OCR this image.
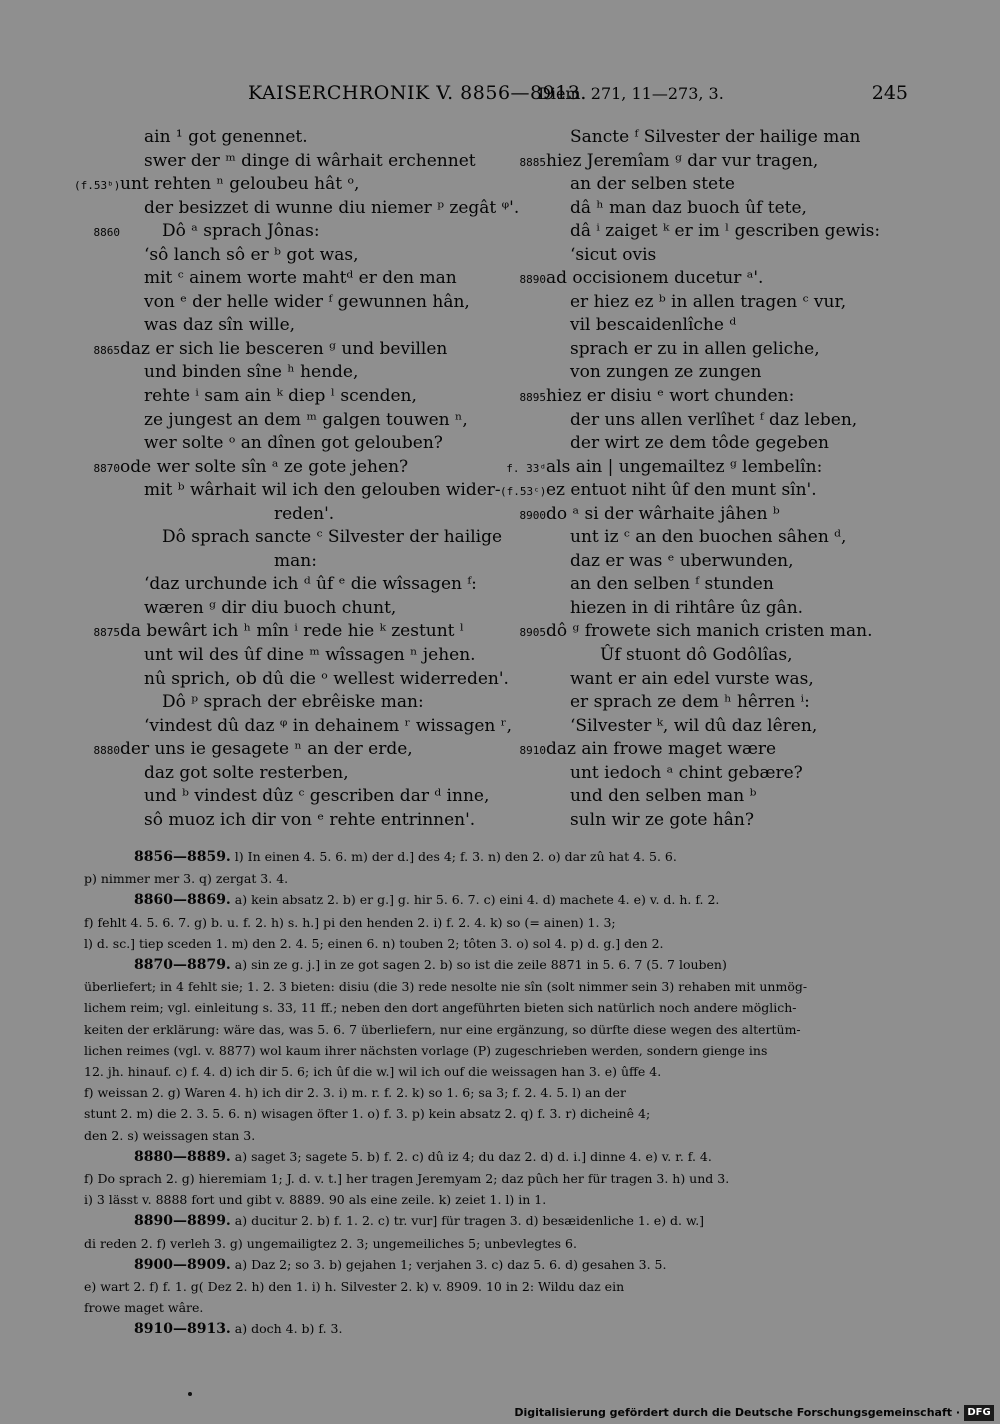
KAISERCHRONIK V. 8856—8913.
Diem. 271, 11—273, 3.	245
ain ¹ got genennet.
swer der ᵐ dinge di wârhait erchennet
(f.53ᵇ) unt rehten ⁿ geloubeu hât ᵒ,
der besizzet di wunne diu niemer ᵖ zegât ᵠ'.
8860 Dô ᵃ sprach Jônas:
‘sô lanch sô er ᵇ got was,
mit ᶜ ainem worte mahtᵈ er den man
von ᵉ der helle wider ᶠ gewunnen hân,
was daz sîn wille,
8865 daz er sich lie besceren ᵍ und bevillen
und binden sîne ʰ hende,
rehte ⁱ sam ain ᵏ diep ˡ scenden,
ze jungest an dem ᵐ galgen touwen ⁿ,
wer solte ᵒ an dînen got gelouben?
8870 ode wer solte sîn ᵃ ze gote jehen?
mit ᵇ wârhait wil ich den gelouben wider-
reden'.
Dô sprach sancte ᶜ Silvester der hailige
man:
‘daz urchunde ich ᵈ ûf ᵉ die wîssagen ᶠ:
wæren ᵍ dir diu buoch chunt,
8875 da bewârt ich ʰ mîn ⁱ rede hie ᵏ zestunt ˡ
unt wil des ûf dine ᵐ wîssagen ⁿ jehen.
nû sprich, ob dû die ᵒ wellest widerreden'.
Dô ᵖ sprach der ebrêiske man:
‘vindest dû daz ᵠ in dehainem ʳ wissagen ʳ,
8880 der uns ie gesagete ⁿ an der erde,
daz got solte resterben,
und ᵇ vindest dûz ᶜ gescriben dar ᵈ inne,
sô muoz ich dir von ᵉ rehte entrinnen'.
Sancte ᶠ Silvester der hailige man
8885 hiez Jeremîam ᵍ dar vur tragen,
an der selben stete
dâ ʰ man daz buoch ûf tete,
dâ ⁱ zaiget ᵏ er im ˡ gescriben gewis:
‘sicut ovis
8890 ad occisionem ducetur ᵃ'.
er hiez ez ᵇ in allen tragen ᶜ vur,
vil bescaidenlîche ᵈ
sprach er zu in allen geliche,
von zungen ze zungen
8895 hiez er disiu ᵉ wort chunden:
der uns allen verlîhet ᶠ daz leben,
der wirt ze dem tôde gegeben
f. 33ᵈ als ain | ungemailtez ᵍ lembelîn:
(f.53ᶜ) ez entuot niht ûf den munt sîn'.
8900 do ᵃ si der wârhaite jâhen ᵇ
unt iz ᶜ an den buochen sâhen ᵈ,
daz er was ᵉ uberwunden,
an den selben ᶠ stunden
hiezen in di rihtâre ûz gân.
8905 dô ᵍ frowete sich manich cristen man.
Ûf stuont dô Godôlîas,
want er ain edel vurste was,
er sprach ze dem ʰ hêrren ⁱ:
‘Silvester ᵏ, wil dû daz lêren,
8910 daz ain frowe maget wære
unt iedoch ᵃ chint gebære?
und den selben man ᵇ
suln wir ze gote hân?
8856—8859. l) In einen 4. 5. 6. m) der d.] des 4; f. 3. n) den 2. o) dar zû hat 4. 5. 6.
p) nimmer mer 3. q) zergat 3. 4.
8860—8869. a) kein absatz 2. b) er g.] g. hir 5. 6. 7. c) eini 4. d) machete 4. e) v. d. h. f. 2.
f) fehlt 4. 5. 6. 7. g) b. u. f. 2. h) s. h.] pi den henden 2. i) f. 2. 4. k) so (= ainen) 1. 3;
l) d. sc.] tiep sceden 1. m) den 2. 4. 5; einen 6. n) touben 2; tôten 3. o) sol 4. p) d. g.] den 2.
8870—8879. a) sin ze g. j.] in ze got sagen 2. b) so ist die zeile 8871 in 5. 6. 7 (5. 7 louben)
überliefert; in 4 fehlt sie; 1. 2. 3 bieten: disiu (die 3) rede nesolte nie sîn (solt nimmer sein 3) rehaben mit unmög-
lichem reim; vgl. einleitung s. 33, 11 ff.; neben den dort angeführten bieten sich natürlich noch andere möglich-
keiten der erklärung: wäre das, was 5. 6. 7 überliefern, nur eine ergänzung, so dürfte diese wegen des altertüm-
lichen reimes (vgl. v. 8877) wol kaum ihrer nächsten vorlage (P) zugeschrieben werden, sondern gienge ins
12. jh. hinauf. c) f. 4. d) ich dir 5. 6; ich ûf die w.] wil ich ouf die weissagen han 3. e) ûffe 4.
f) weissan 2. g) Waren 4. h) ich dir 2. 3. i) m. r. f. 2. k) so 1. 6; sa 3; f. 2. 4. 5. l) an der
stunt 2. m) die 2. 3. 5. 6. n) wisagen öfter 1. o) f. 3. p) kein absatz 2. q) f. 3. r) dicheinê 4;
den 2. s) weissagen stan 3.
8880—8889. a) saget 3; sagete 5. b) f. 2. c) dû iz 4; du daz 2. d) d. i.] dinne 4. e) v. r. f. 4.
f) Do sprach 2. g) hieremiam 1; J. d. v. t.] her tragen Jeremyam 2; daz pûch her für tragen 3. h) und 3.
i) 3 lässt v. 8888 fort und gibt v. 8889. 90 als eine zeile. k) zeiet 1. l) in 1.
8890—8899. a) ducitur 2. b) f. 1. 2. c) tr. vur] für tragen 3. d) besæidenliche 1. e) d. w.]
di reden 2. f) verleh 3. g) ungemailigtez 2. 3; ungemeiliches 5; unbevlegtes 6.
8900—8909. a) Daz 2; so 3. b) gejahen 1; verjahen 3. c) daz 5. 6. d) gesahen 3. 5.
e) wart 2. f) f. 1. g( Dez 2. h) den 1. i) h. Silvester 2. k) v. 8909. 10 in 2: Wildu daz ein
frowe maget wâre.
8910—8913. a) doch 4. b) f. 3.
Digitalisierung gefördert durch die Deutsche Forschungsgemeinschaft · DFG
